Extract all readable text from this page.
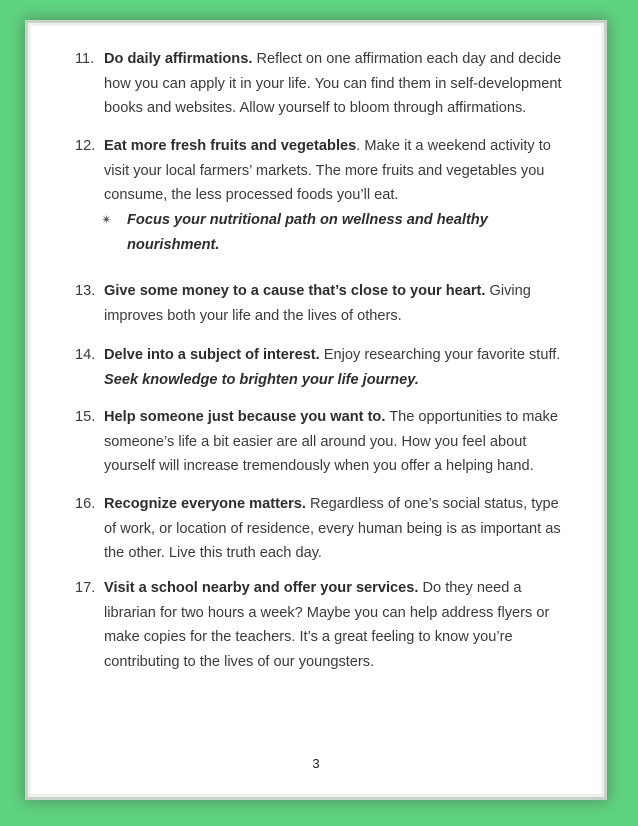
11. Do daily affirmations. Reflect on one affirmation each day and decide how you can apply it in your life. You can find them in self-development books and websites. Allow yourself to bloom through affirmations.
12. Eat more fresh fruits and vegetables. Make it a weekend activity to visit your local farmers’ markets. The more fruits and vegetables you consume, the less processed foods you’ll eat.
✴	Focus your nutritional path on wellness and healthy nourishment.
13. Give some money to a cause that’s close to your heart. Giving improves both your life and the lives of others.
14. Delve into a subject of interest. Enjoy researching your favorite stuff.
Seek knowledge to brighten your life journey.
15. Help someone just because you want to. The opportunities to make someone’s life a bit easier are all around you. How you feel about yourself will increase tremendously when you offer a helping hand.
16. Recognize everyone matters. Regardless of one’s social status, type of work, or location of residence, every human being is as important as the other. Live this truth each day.
17. Visit a school nearby and offer your services. Do they need a librarian for two hours a week? Maybe you can help address flyers or make copies for the teachers. It’s a great feeling to know you’re contributing to the lives of our youngsters.
3
